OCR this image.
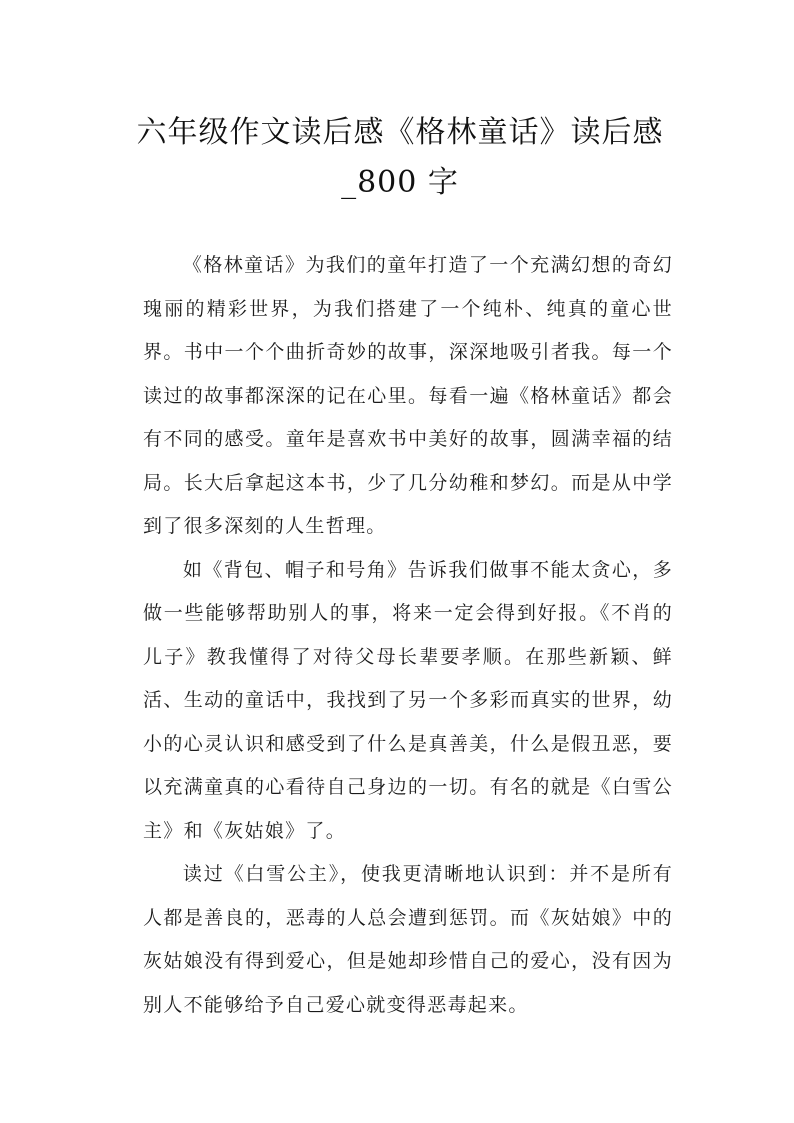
六年级作文读后感《格林童话》读后感
_800 字

《格林童话》为我们的童年打造了一个充满幻想的奇幻瑰丽的精彩世界，为我们搭建了一个纯朴、纯真的童心世界。书中一个个曲折奇妙的故事，深深地吸引者我。每一个读过的故事都深深的记在心里。每看一遍《格林童话》都会有不同的感受。童年是喜欢书中美好的故事，圆满幸福的结局。长大后拿起这本书，少了几分幼稚和梦幻。而是从中学到了很多深刻的人生哲理。

如《背包、帽子和号角》告诉我们做事不能太贪心，多做一些能够帮助别人的事，将来一定会得到好报。《不肖的儿子》教我懂得了对待父母长辈要孝顺。在那些新颖、鲜活、生动的童话中，我找到了另一个多彩而真实的世界，幼小的心灵认识和感受到了什么是真善美，什么是假丑恶，要以充满童真的心看待自己身边的一切。有名的就是《白雪公主》和《灰姑娘》了。

读过《白雪公主》，使我更清晰地认识到：并不是所有人都是善良的，恶毒的人总会遭到惩罚。而《灰姑娘》中的灰姑娘没有得到爱心，但是她却珍惜自己的爱心，没有因为别人不能够给予自己爱心就变得恶毒起来。
